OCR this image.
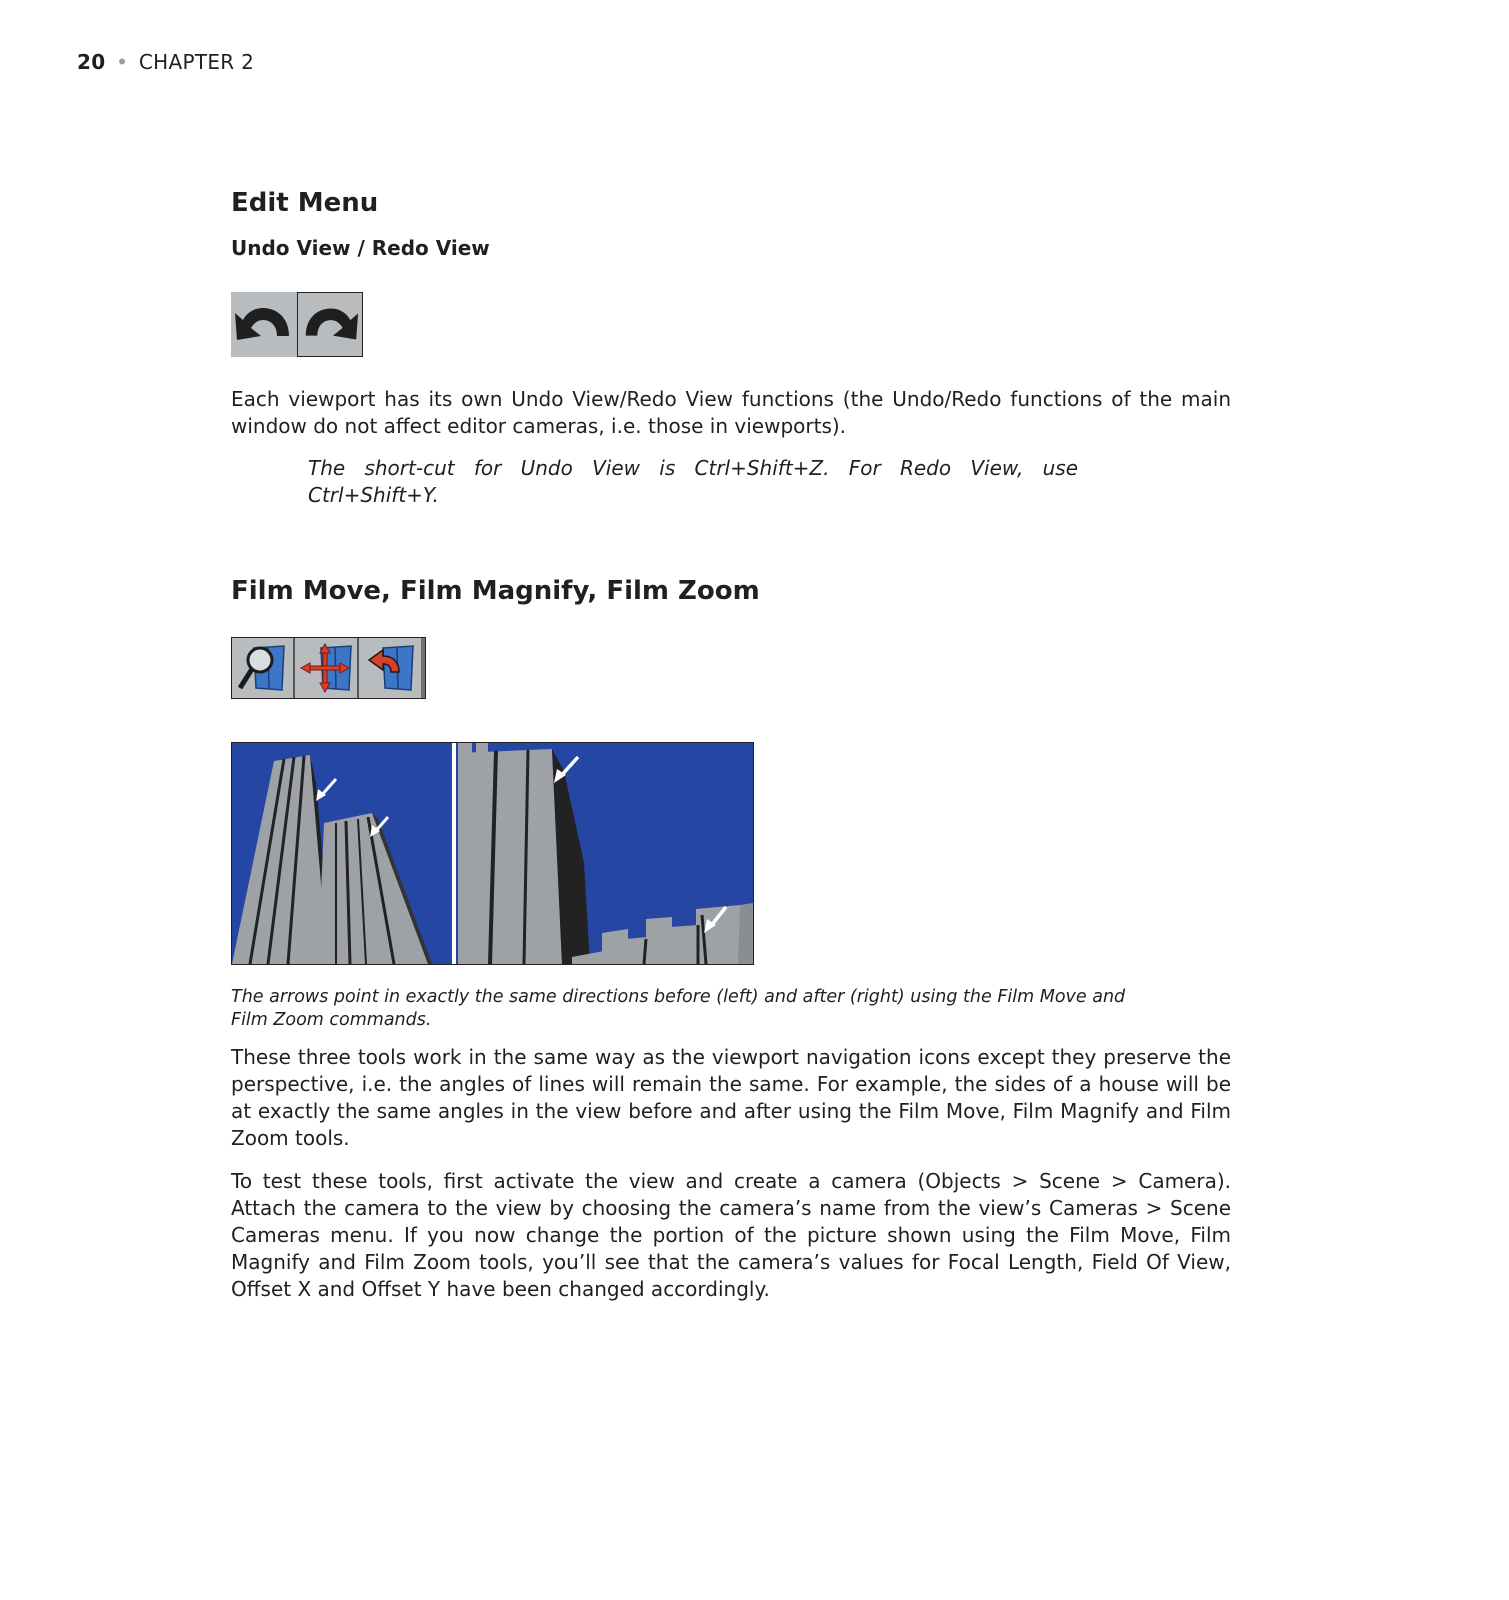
20 • CHAPTER 2
Edit Menu
Undo View / Redo View

Each viewport has its own Undo View/Redo View functions (the Undo/Redo functions of the main window do not affect editor cameras, i.e. those in viewports).

The short-cut for Undo View is Ctrl+Shift+Z. For Redo View, use Ctrl+Shift+Y.

Film Move, Film Magnify, Film Zoom

The arrows point in exactly the same directions before (left) and after (right) using the Film Move and Film Zoom commands.

These three tools work in the same way as the viewport navigation icons except they preserve the perspective, i.e. the angles of lines will remain the same. For example, the sides of a house will be at exactly the same angles in the view before and after using the Film Move, Film Magnify and Film Zoom tools.

To test these tools, first activate the view and create a camera (Objects > Scene > Camera). Attach the camera to the view by choosing the camera’s name from the view’s Cameras > Scene Cameras menu. If you now change the portion of the picture shown using the Film Move, Film Magnify and Film Zoom tools, you’ll see that the camera’s values for Focal Length, Field Of View, Offset X and Offset Y have been changed accordingly.
